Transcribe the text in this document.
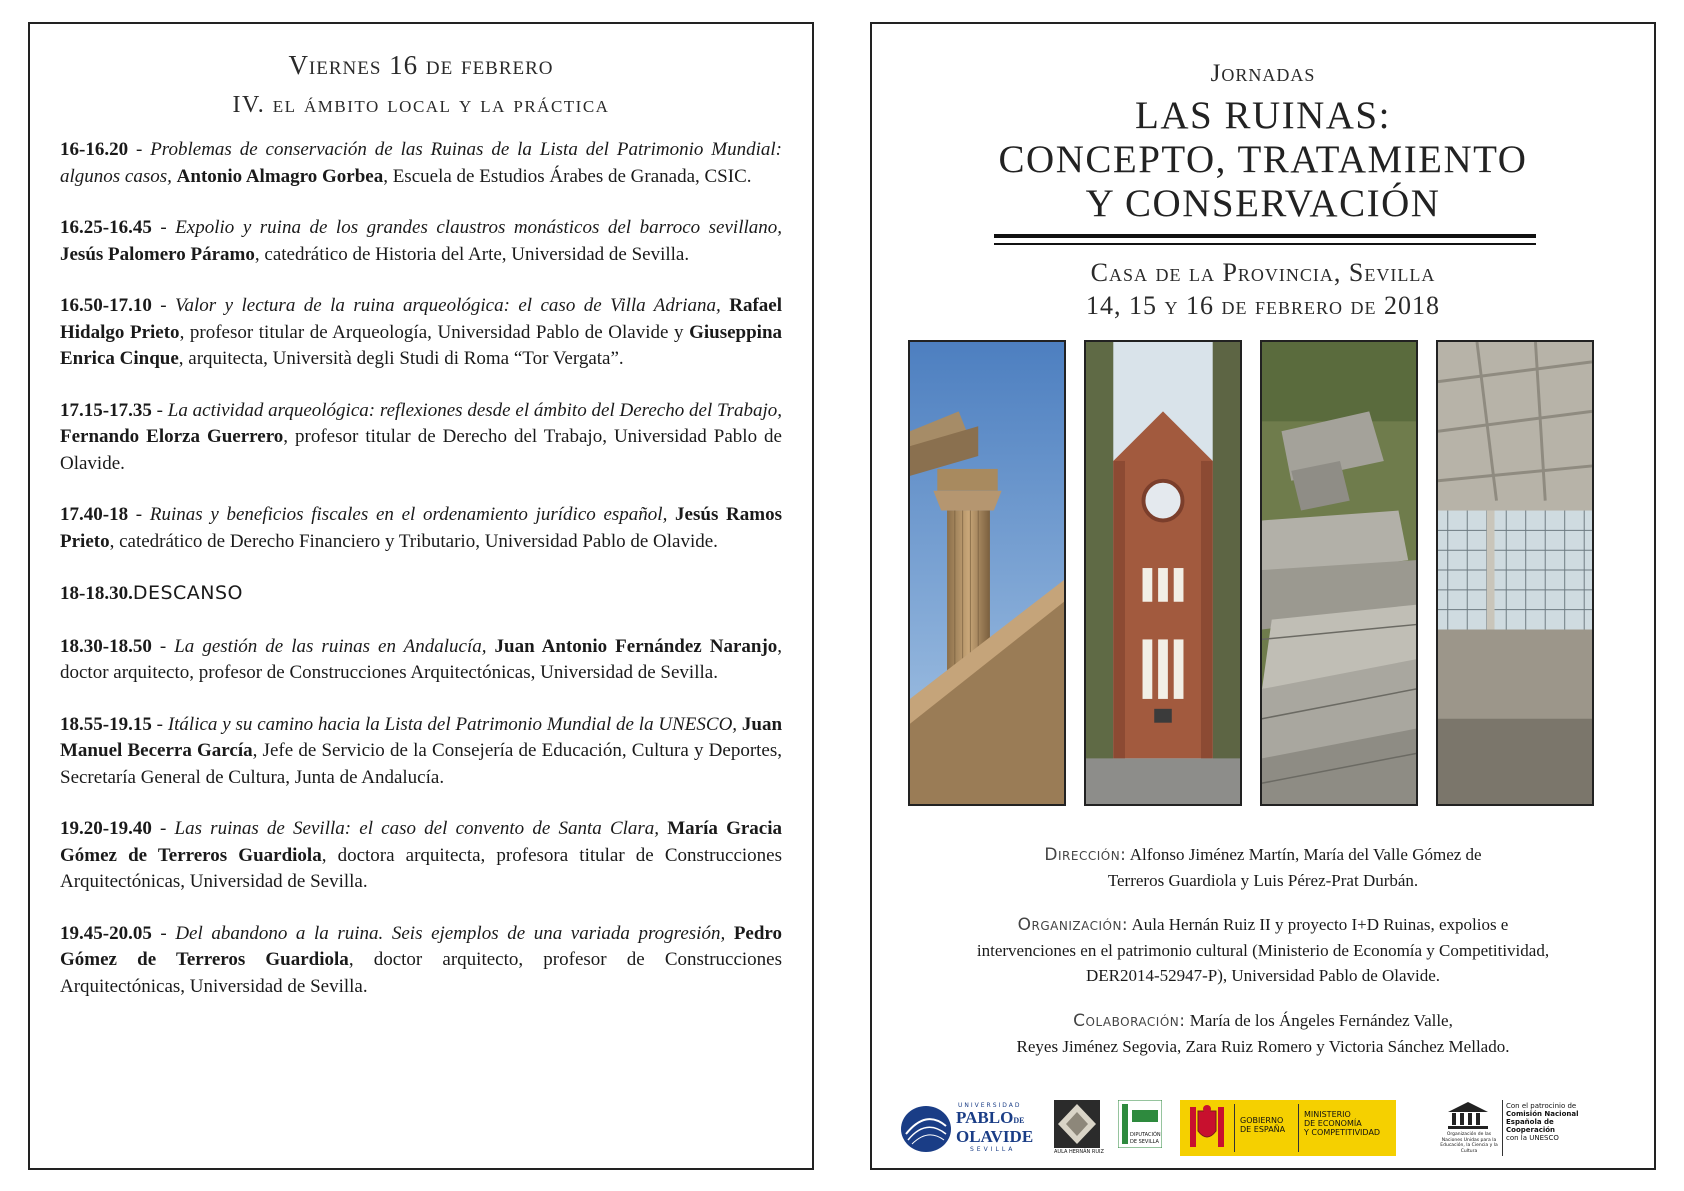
Viernes 16 de febrero
IV. el ámbito local y la práctica

16-16.20 - Problemas de conservación de las Ruinas de la Lista del Patrimonio Mundial: algunos casos, Antonio Almagro Gorbea, Escuela de Estudios Árabes de Granada, CSIC.

16.25-16.45 - Expolio y ruina de los grandes claustros monásticos del barroco sevillano, Jesús Palomero Páramo, catedrático de Historia del Arte, Universidad de Sevilla.

16.50-17.10 - Valor y lectura de la ruina arqueológica: el caso de Villa Adriana, Rafael Hidalgo Prieto, profesor titular de Arqueología, Universidad Pablo de Olavide y Giuseppina Enrica Cinque, arquitecta, Università degli Studi di Roma “Tor Vergata”.

17.15-17.35 - La actividad arqueológica: reflexiones desde el ámbito del Derecho del Trabajo, Fernando Elorza Guerrero, profesor titular de Derecho del Trabajo, Universidad Pablo de Olavide.

17.40-18 - Ruinas y beneficios fiscales en el ordenamiento jurídico español, Jesús Ramos Prieto, catedrático de Derecho Financiero y Tributario, Universidad Pablo de Olavide.

18-18.30.DESCANSO

18.30-18.50 - La gestión de las ruinas en Andalucía, Juan Antonio Fernández Naranjo, doctor arquitecto, profesor de Construcciones Arquitectónicas, Universidad de Sevilla.

18.55-19.15 - Itálica y su camino hacia la Lista del Patrimonio Mundial de la UNESCO, Juan Manuel Becerra García, Jefe de Servicio de la Consejería de Educación, Cultura y Deportes, Secretaría General de Cultura, Junta de Andalucía.

19.20-19.40 - Las ruinas de Sevilla: el caso del convento de Santa Clara, María Gracia Gómez de Terreros Guardiola, doctora arquitecta, profesora titular de Construcciones Arquitectónicas, Universidad de Sevilla.

19.45-20.05 - Del abandono a la ruina. Seis ejemplos de una variada progresión, Pedro Gómez de Terreros Guardiola, doctor arquitecto, profesor de Construcciones Arquitectónicas, Universidad de Sevilla.

Jornadas
LAS RUINAS:
CONCEPTO, TRATAMIENTO
Y CONSERVACIÓN
Casa de la Provincia, Sevilla
14, 15 y 16 de febrero de 2018
Dirección: Alfonso Jiménez Martín, María del Valle Gómez de
Terreros Guardiola y Luis Pérez-Prat Durbán.
Organización: Aula Hernán Ruiz II y proyecto I+D Ruinas, expolios e
intervenciones en el patrimonio cultural (Ministerio de Economía y Competitividad,
DER2014-52947-P), Universidad Pablo de Olavide.
Colaboración: María de los Ángeles Fernández Valle,
Reyes Jiménez Segovia, Zara Ruiz Romero y Victoria Sánchez Mellado.
UNIVERSIDAD
PABLODE
OLAVIDE
SEVILLA	AULA HERNÁN RUIZ
DIPUTACIÓN DE SEVILLA
GOBIERNO DE ESPAÑA
MINISTERIO
DE ECONOMÍA
Y COMPETITIVIDAD	Organización de las Naciones Unidas para la Educación, la Ciencia y la Cultura
Con el patrocinio de
Comisión Nacional
Española de
Cooperación
con la UNESCO
